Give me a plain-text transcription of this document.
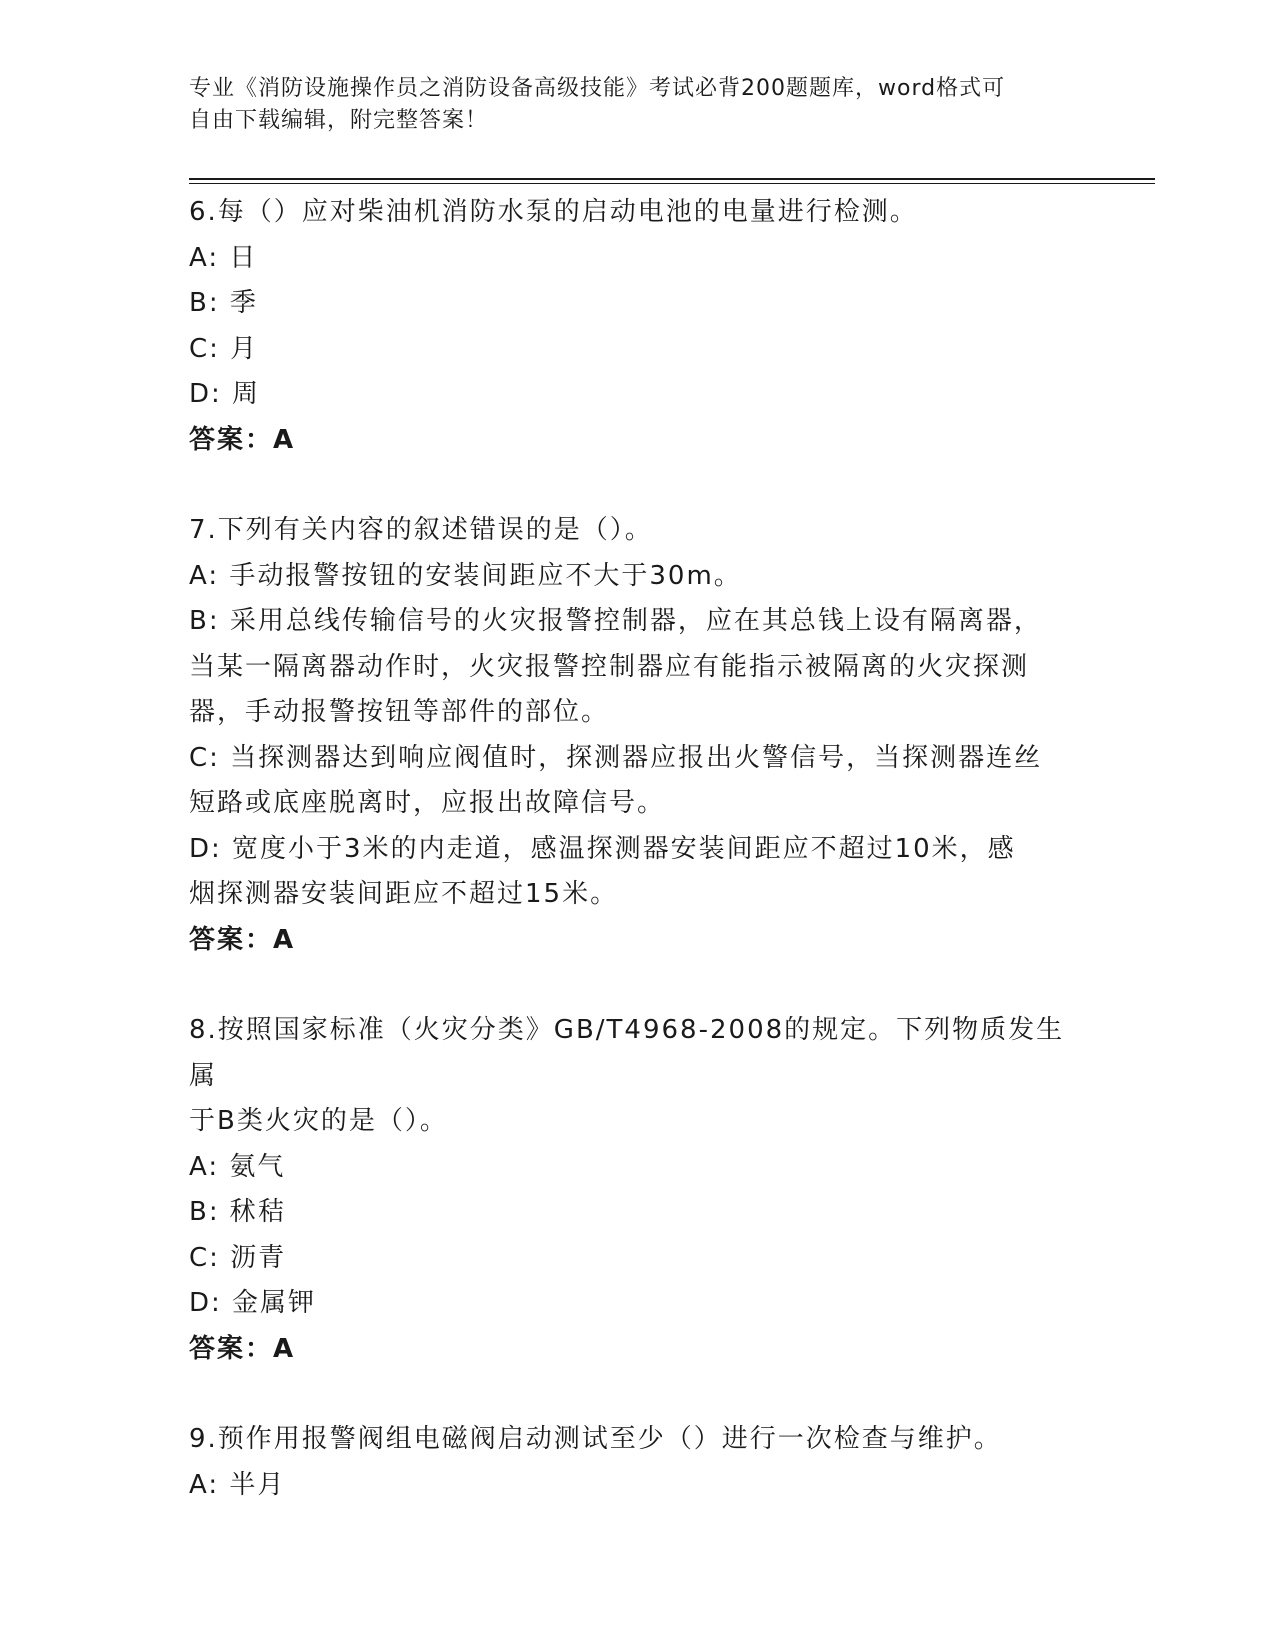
专业《消防设施操作员之消防设备高级技能》考试必背200题题库，word格式可
自由下载编辑，附完整答案！
6.每（）应对柴油机消防水泵的启动电池的电量进行检测。
A: 日
B: 季
C: 月
D: 周
答案：A
7.下列有关内容的叙述错误的是（）。
A: 手动报警按钮的安装间距应不大于30m。
B: 采用总线传输信号的火灾报警控制器，应在其总钱上设有隔离器，
当某一隔离器动作时，火灾报警控制器应有能指示被隔离的火灾探测
器，手动报警按钮等部件的部位。
C: 当探测器达到响应阀值时，探测器应报出火警信号，当探测器连丝
短路或底座脱离时，应报出故障信号。
D: 宽度小于3米的内走道，感温探测器安装间距应不超过10米，感
烟探测器安装间距应不超过15米。
答案：A
8.按照国家标准（火灾分类》GB/T4968-2008的规定。下列物质发生属
于B类火灾的是（）。
A: 氨气
B: 秫秸
C: 沥青
D: 金属钾
答案：A
9.预作用报警阀组电磁阀启动测试至少（）进行一次检查与维护。
A: 半月
